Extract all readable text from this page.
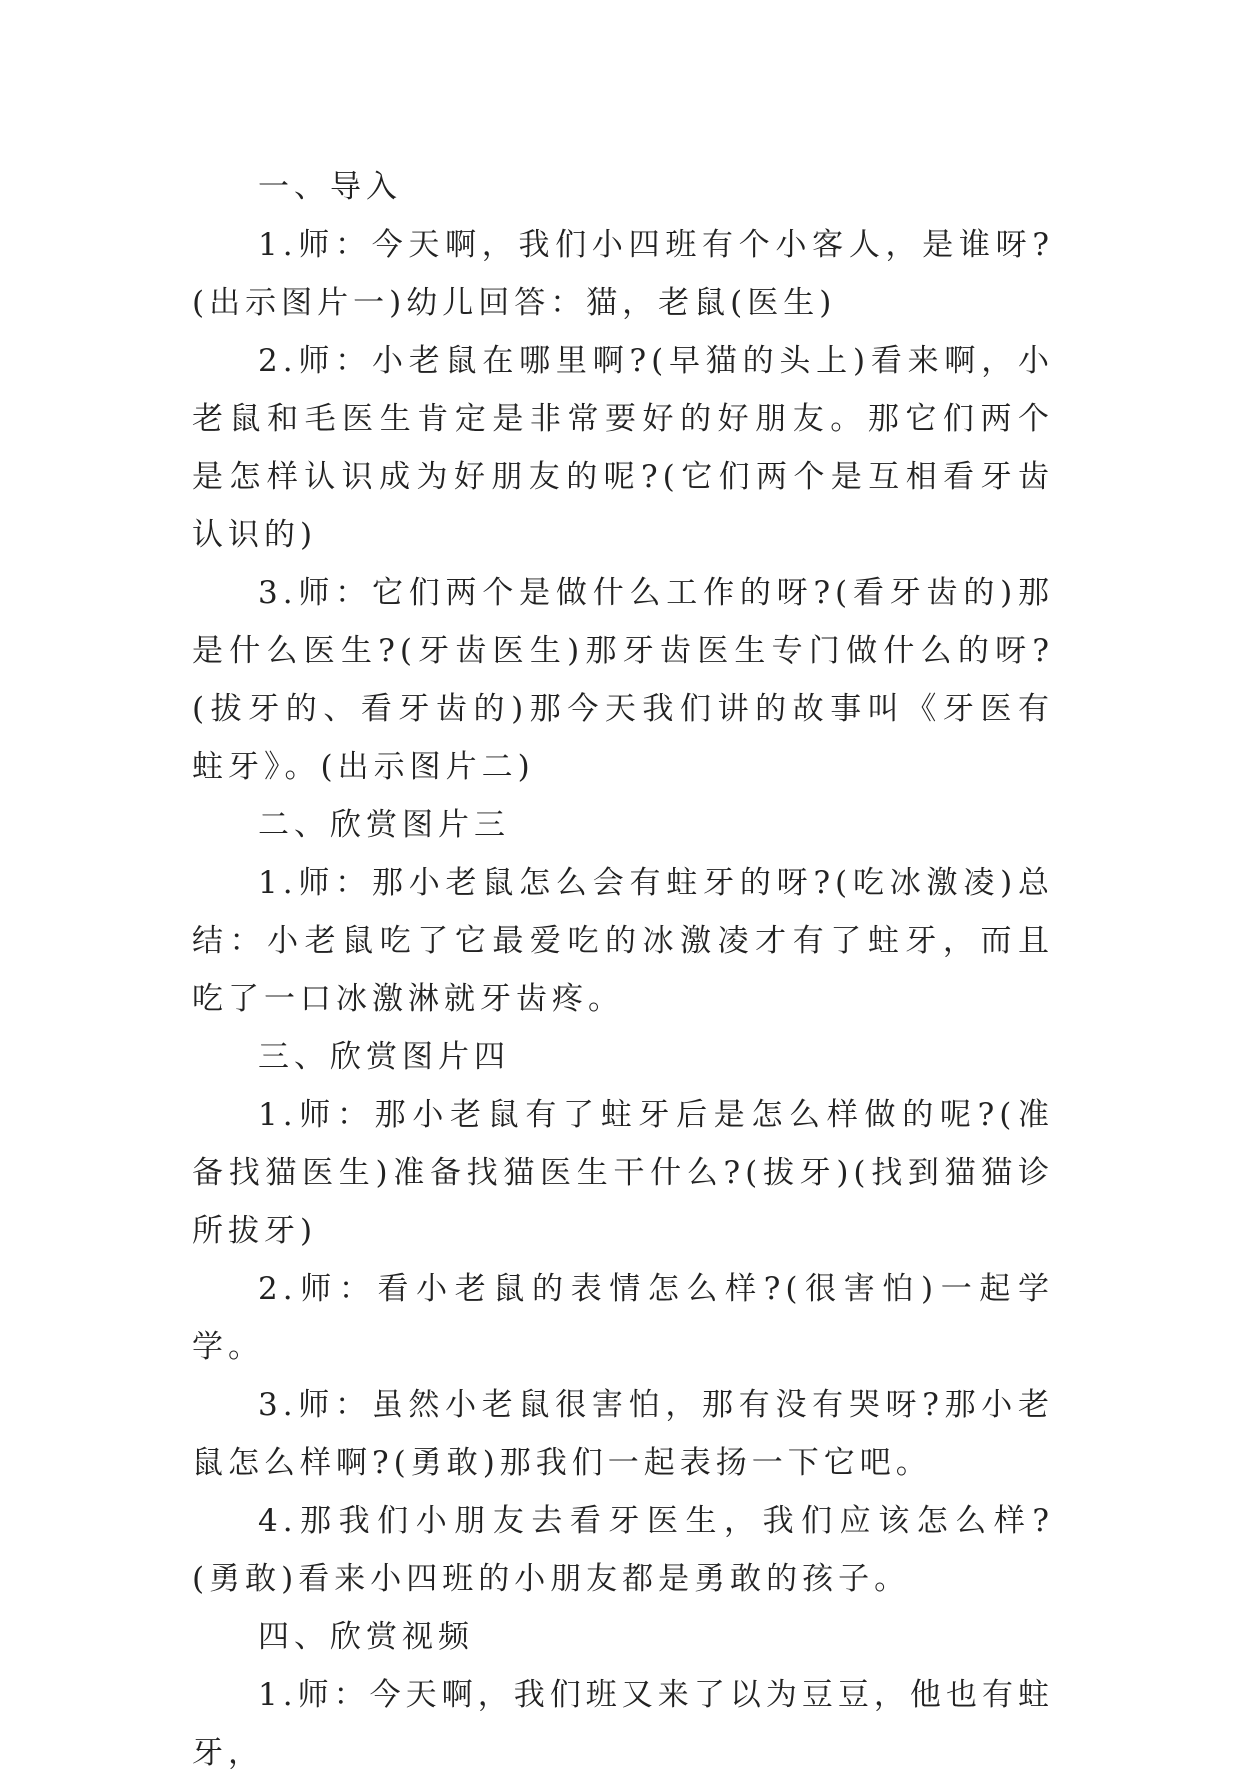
一、导入

1.师：今天啊，我们小四班有个小客人，是谁呀?(出示图片一)幼儿回答：猫，老鼠(医生)

2.师：小老鼠在哪里啊?(早猫的头上)看来啊，小老鼠和毛医生肯定是非常要好的好朋友。那它们两个是怎样认识成为好朋友的呢?(它们两个是互相看牙齿认识的)

3.师：它们两个是做什么工作的呀?(看牙齿的)那是什么医生?(牙齿医生)那牙齿医生专门做什么的呀?(拔牙的、看牙齿的)那今天我们讲的故事叫《牙医有蛀牙》。(出示图片二)

二、欣赏图片三

1.师：那小老鼠怎么会有蛀牙的呀?(吃冰激凌)总结：小老鼠吃了它最爱吃的冰激凌才有了蛀牙，而且吃了一口冰激淋就牙齿疼。

三、欣赏图片四

1.师：那小老鼠有了蛀牙后是怎么样做的呢?(准备找猫医生)准备找猫医生干什么?(拔牙)(找到猫猫诊所拔牙)

2.师：看小老鼠的表情怎么样?(很害怕)一起学学。

3.师：虽然小老鼠很害怕，那有没有哭呀?那小老鼠怎么样啊?(勇敢)那我们一起表扬一下它吧。

4.那我们小朋友去看牙医生，我们应该怎么样?(勇敢)看来小四班的小朋友都是勇敢的孩子。

四、欣赏视频

1.师：今天啊，我们班又来了以为豆豆，他也有蛀牙，
